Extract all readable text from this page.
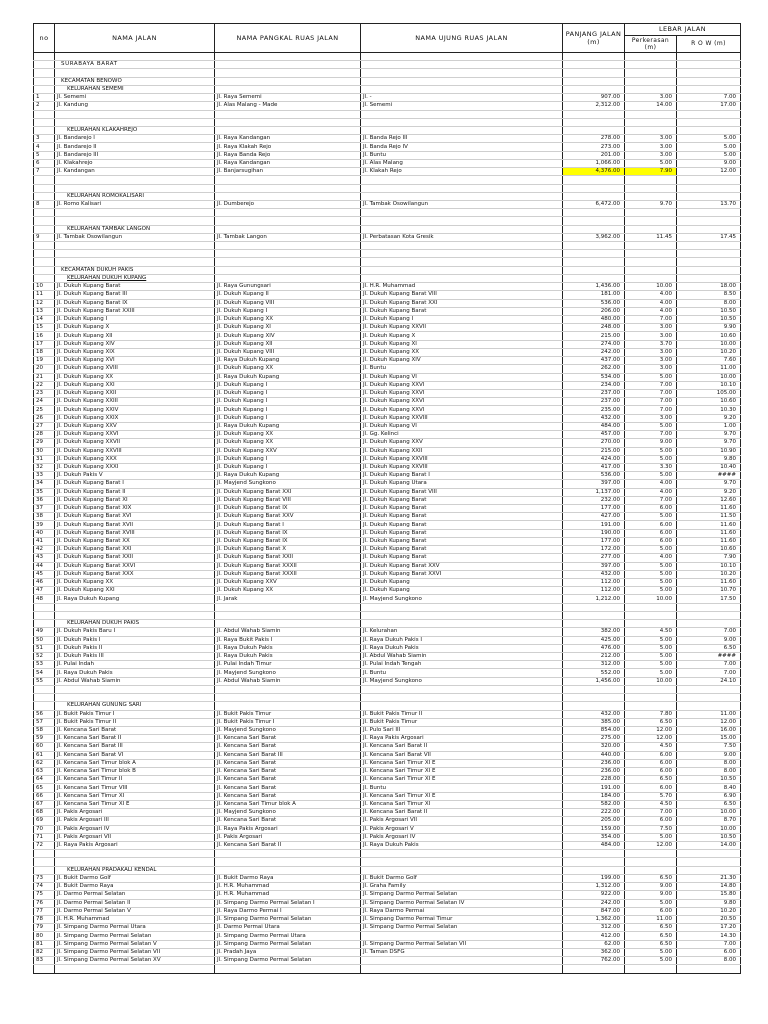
no	NAMA JALAN	NAMA PANGKAL RUAS JALAN	NAMA UJUNG RUAS JALAN	PANJANG JALAN (m)	LEBAR JALAN	
					Perkerasan (m)	R O W (m)

	SURABAYA BARAT					

	KECAMATAN BENOWO					
	KELURAHAN SEMEMI					
1	Jl. Sememi	Jl. Raya Sememi	Jl. -	907.00	3.00	7.00
2	Jl. Kandung	Jl. Alas Malang - Made	Jl. Sememi	2,312.00	14.00	17.00

	KELURAHAN KLAKAHREJO					
3	Jl. Bandarejo I	Jl. Raya Kandangan	Jl. Banda Rejo III	278.00	3.00	5.00
4	Jl. Bandarejo II	Jl. Raya Klakah Rejo	Jl. Banda Rejo IV	273.00	3.00	5.00
5	Jl. Bandarejo III	Jl. Raya Banda Rejo	Jl. Buntu	201.00	3.00	5.00
6	Jl. Klakahrejo	Jl. Raya Kandangan	Jl. Alas Malang	1,066.00	5.00	9.00
7	Jl. Kandangan	Jl. Banjarsugihan	Jl. Klakah Rejo	4,376.00	7.90	12.00

	KELURAHAN ROMOKALISARI					
8	Jl. Romo Kalisari	Jl. Dumberejo	Jl. Tambak Osowilangun	6,472.00	9.70	13.70

	KELURAHAN TAMBAK LANGON					
9	Jl. Tambak Osowilangun	Jl. Tambak Langon	Jl. Perbatasan Kota Gresik	3,962.00	11.45	17.45

	KECAMATAN DUKUH PAKIS					
	KELURAHAN DUKUH KUPANG					
10	Jl. Dukuh Kupang Barat	Jl. Raya Gunungsari	Jl. H.R. Muhammad	1,436.00	10.00	18.00
11	Jl. Dukuh Kupang Barat III	Jl. Dukuh Kupang II	Jl. Dukuh Kupang Barat VIII	181.00	4.00	8.50
12	Jl. Dukuh Kupang Barat IX	Jl. Dukuh Kupang VIII	Jl. Dukuh Kupang Barat XXI	536.00	4.00	8.00
13	Jl. Dukuh Kupang Barat XXIII	Jl. Dukuh Kupang I	Jl. Dukuh Kupang Barat	206.00	4.00	10.50
14	Jl. Dukuh Kupang I	Jl. Dukuh Kupang XX	Jl. Dukuh Kupang I	480.00	7.00	10.50
15	Jl. Dukuh Kupang X	Jl. Dukuh Kupang XI	Jl. Dukuh Kupang XXVII	248.00	3.00	9.90
16	Jl. Dukuh Kupang XII	Jl. Dukuh Kupang XIV	Jl. Dukuh Kupang X	215.00	3.00	10.60
17	Jl. Dukuh Kupang XIV	Jl. Dukuh Kupang XII	Jl. Dukuh Kupang XI	274.00	3.70	10.00
18	Jl. Dukuh Kupang XIX	Jl. Dukuh Kupang VIII	Jl. Dukuh Kupang XX	242.00	3.00	10.20
19	Jl. Dukuh Kupang XVI	Jl. Raya Dukuh Kupang	Jl. Dukuh Kupang XIV	437.00	3.00	7.60
20	Jl. Dukuh Kupang XVIII	Jl. Dukuh Kupang XX	Jl. Buntu	262.00	3.00	11.00
21	Jl. Dukuh Kupang XX	Jl. Raya Dukuh Kupang	Jl. Dukuh Kupang VI	534.00	5.00	10.00
22	Jl. Dukuh Kupang XXI	Jl. Dukuh Kupang I	Jl. Dukuh Kupang XXVI	234.00	7.00	10.10
23	Jl. Dukuh Kupang XXII	Jl. Dukuh Kupang I	Jl. Dukuh Kupang XXVI	237.00	7.00	105.00
24	Jl. Dukuh Kupang XXIII	Jl. Dukuh Kupang I	Jl. Dukuh Kupang XXVI	237.00	7.00	10.60
25	Jl. Dukuh Kupang XXIV	Jl. Dukuh Kupang I	Jl. Dukuh Kupang XXVI	235.00	7.00	10.30
26	Jl. Dukuh Kupang XXIX	Jl. Dukuh Kupang I	Jl. Dukuh Kupang XXVIII	432.00	3.00	9.20
27	Jl. Dukuh Kupang XXV	Jl. Raya Dukuh Kupang	Jl. Dukuh Kupang VI	484.00	5.00	1.00
28	Jl. Dukuh Kupang XXVI	Jl. Dukuh Kupang XX	Jl. Gg. Kelinci	457.00	7.00	9.70
29	Jl. Dukuh Kupang XXVII	Jl. Dukuh Kupang XX	Jl. Dukuh Kupang XXV	270.00	9.00	9.70
30	Jl. Dukuh Kupang XXVIII	Jl. Dukuh Kupang XXV	Jl. Dukuh Kupang XXII	215.00	5.00	10.90
31	Jl. Dukuh Kupang XXX	Jl. Dukuh Kupang I	Jl. Dukuh Kupang XXVIII	424.00	5.00	9.80
32	Jl. Dukuh Kupang XXXI	Jl. Dukuh Kupang I	Jl. Dukuh Kupang XXVIII	417.00	3.30	10.40
33	Jl. Dukuh Pakis V	Jl. Raya Dukuh Kupang	Jl. Dukuh Kupang Barat I	536.00	5.00	####
34	Jl. Dukuh Kupang Barat I	Jl. Mayjend Sungkono	Jl. Dukuh Kupang Utara	397.00	4.00	9.70
35	Jl. Dukuh Kupang Barat II	Jl. Dukuh Kupang Barat XXI	Jl. Dukuh Kupang Barat VIII	1,137.00	4.00	9.20
36	Jl. Dukuh Kupang Barat XI	Jl. Dukuh Kupang Barat VIII	Jl. Dukuh Kupang Barat	232.00	7.00	12.60
37	Jl. Dukuh Kupang Barat XIX	Jl. Dukuh Kupang Barat IX	Jl. Dukuh Kupang Barat	177.00	6.00	11.60
38	Jl. Dukuh Kupang Barat XVI	Jl. Dukuh Kupang Barat XXV	Jl. Dukuh Kupang Barat	427.00	5.00	11.50
39	Jl. Dukuh Kupang Barat XVII	Jl. Dukuh Kupang Barat I	Jl. Dukuh Kupang Barat	191.00	6.00	11.60
40	Jl. Dukuh Kupang Barat XVIII	Jl. Dukuh Kupang Barat IX	Jl. Dukuh Kupang Barat	190.00	6.00	11.60
41	Jl. Dukuh Kupang Barat XX	Jl. Dukuh Kupang Barat IX	Jl. Dukuh Kupang Barat	177.00	6.00	11.60
42	Jl. Dukuh Kupang Barat XXI	Jl. Dukuh Kupang Barat X	Jl. Dukuh Kupang Barat	172.00	5.00	10.60
43	Jl. Dukuh Kupang Barat XXII	Jl. Dukuh Kupang Barat XXII	Jl. Dukuh Kupang Barat	277.00	4.00	7.90
44	Jl. Dukuh Kupang Barat XXVI	Jl. Dukuh Kupang Barat XXXII	Jl. Dukuh Kupang Barat XXV	397.00	5.00	10.10
45	Jl. Dukuh Kupang Barat XXX	Jl. Dukuh Kupang Barat XXXII	Jl. Dukuh Kupang Barat XXVI	432.00	5.00	10.20
46	Jl. Dukuh Kupang XX	Jl. Dukuh Kupang XXV	Jl. Dukuh Kupang	112.00	5.00	11.60
47	Jl. Dukuh Kupang XXI	Jl. Dukuh Kupang XX	Jl. Dukuh Kupang	112.00	5.00	10.70
48	Jl. Raya Dukuh Kupang	Jl. Jarak	Jl. Mayjend Sungkono	1,212.00	10.00	17.50

	KELURAHAN DUKUH PAKIS					
49	Jl. Dukuh Pakis Baru I	Jl. Abdul Wahab Siamin	Jl. Kelurahan	382.00	4.50	7.00
50	Jl. Dukuh Pakis I	Jl. Raya Bukit Pakis I	Jl. Raya Dukuh Pakis I	425.00	5.00	9.00
51	Jl. Dukuh Pakis II	Jl. Raya Dukuh Pakis	Jl. Raya Dukuh Pakis	476.00	5.00	6.50
52	Jl. Dukuh Pakis III	Jl. Raya Dukuh Pakis	Jl. Abdul Wahab Siamin	212.00	5.00	####
53	Jl. Pulai Indah	Jl. Pulai Indah Timur	Jl. Pulai Indah Tengah	312.00	5.00	7.00
54	Jl. Raya Dukuh Pakis	Jl. Mayjend Sungkono	Jl. Buntu	552.00	5.00	7.00
55	Jl. Abdul Wahab Siamin	Jl. Abdul Wahab Siamin	Jl. Mayjend Sungkono	1,456.00	10.00	24.10

	KELURAHAN GUNUNG SARI					
56	Jl. Bukit Pakis Timur I	Jl. Bukit Pakis Timur	Jl. Bukit Pakis Timur II	432.00	7.80	11.00
57	Jl. Bukit Pakis Timur II	Jl. Bukit Pakis Timur I	Jl. Bukit Pakis Timur	385.00	6.50	12.00
58	Jl. Kencana Sari Barat	Jl. Mayjend Sungkono	Jl. Pulo Sari III	854.00	12.00	16.00
59	Jl. Kencana Sari Barat II	Jl. Kencana Sari Barat	Jl. Raya Pakis Argosari	275.00	12.00	15.00
60	Jl. Kencana Sari Barat III	Jl. Kencana Sari Barat	Jl. Kencana Sari Barat II	320.00	4.50	7.50
61	Jl. Kencana Sari Barat VI	Jl. Kencana Sari Barat III	Jl. Kencana Sari Barat VII	440.00	6.00	9.00
62	Jl. Kencana Sari Timur blok A	Jl. Kencana Sari Barat	Jl. Kencana Sari Timur XI E	236.00	6.00	8.00
63	Jl. Kencana Sari Timur blok B	Jl. Kencana Sari Barat	Jl. Kencana Sari Timur XI E	236.00	6.00	8.00
64	Jl. Kencana Sari Timur II	Jl. Kencana Sari Barat	Jl. Kencana Sari Timur XI E	228.00	6.50	10.50
65	Jl. Kencana Sari Timur VIII	Jl. Kencana Sari Barat	Jl. Buntu	191.00	6.00	8.40
66	Jl. Kencana Sari Timur XI	Jl. Kencana Sari Barat	Jl. Kencana Sari Timur XI E	184.00	5.70	6.90
67	Jl. Kencana Sari Timur XI E	Jl. Kencana Sari Timur blok A	Jl. Kencana Sari Timur XI	582.00	4.50	6.50
68	Jl. Pakis Argosari	Jl. Mayjend Sungkono	Jl. Kencana Sari Barat II	222.00	7.00	10.00
69	Jl. Pakis Argosari III	Jl. Kencana Sari Barat	Jl. Pakis Argosari VII	205.00	6.00	8.70
70	Jl. Pakis Argosari IV	Jl. Raya Pakis Argosari	Jl. Pakis Argosari V	159.00	7.50	10.00
71	Jl. Pakis Argosari VII	Jl. Pakis Argosari	Jl. Pakis Argosari IV	354.00	5.00	10.50
72	Jl. Raya Pakis Argosari	Jl. Kencana Sari Barat II	Jl. Raya Dukuh Pakis	484.00	12.00	14.00

	KELURAHAN PRADAKALI KENDAL					
73	Jl. Bukit Darmo Golf	Jl. Bukit Darmo Raya	Jl. Bukit Darmo Golf	199.00	6.50	21.30
74	Jl. Bukit Darmo Raya	Jl. H.R. Muhammad	Jl. Graha Family	1,312.00	9.00	14.80
75	Jl. Darmo Permai Selatan	Jl. H.R. Muhammad	Jl. Simpang Darmo Permai Selatan	922.00	9.00	15.80
76	Jl. Darmo Permai Selatan II	Jl. Simpang Darmo Permai Selatan I	Jl. Simpang Darmo Permai Selatan IV	242.00	5.00	9.80
77	Jl. Darmo Permai Selatan V	Jl. Raya Darmo Permai I	Jl. Raya Darmo Permai	847.00	6.00	10.20
78	Jl. H.R. Muhammad	Jl. Simpang Darmo Permai Selatan	Jl. Simpang Darmo Permai Timur	1,362.00	11.00	20.50
79	Jl. Simpang Darmo Permai Utara	Jl. Darmo Permai Utara	Jl. Simpang Darmo Permai Selatan	312.00	6.50	17.20
80	Jl. Simpang Darmo Permai Selatan	Jl. Simpang Darmo Permai Utara		412.00	6.50	14.30
81	Jl. Simpang Darmo Permai Selatan V	Jl. Simpang Darmo Permai Selatan	Jl. Simpang Darmo Permai Selatan VII	62.00	6.50	7.00
82	Jl. Simpang Darmo Permai Selatan VII	Jl. Pradah Jaya	Jl. Taman DSFG	362.00	5.00	6.00
83	Jl. Simpang Darmo Permai Selatan XV	Jl. Simpang Darmo Permai Selatan		762.00	5.00	8.00
